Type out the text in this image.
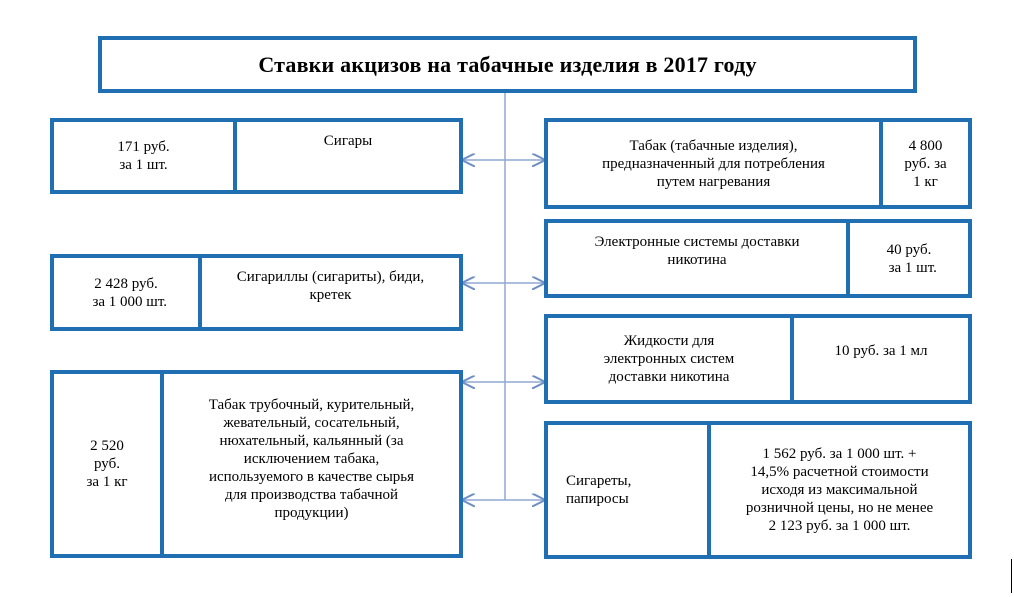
Ставки акцизов на табачные изделия в 2017 году
171 руб.
за 1 шт.
Сигары
2 428 руб.
за 1 000 шт.
Сигариллы (сигариты), биди,
кретек
2 520
руб.
за 1 кг
Табак трубочный, курительный,
жевательный, сосательный,
нюхательный, кальянный (за
исключением табака,
используемого в качестве сырья
для производства табачной
продукции)
Табак (табачные изделия),
предназначенный для потребления
путем нагревания
4 800
руб. за
1 кг
Электронные системы доставки
никотина
40 руб.
за 1 шт.
Жидкости для
электронных систем
доставки никотина
10 руб. за 1 мл
Сигареты,
папиросы
1 562 руб. за 1 000 шт. +
14,5% расчетной стоимости
исходя из максимальной
розничной цены, но не менее
2 123 руб. за 1 000 шт.
